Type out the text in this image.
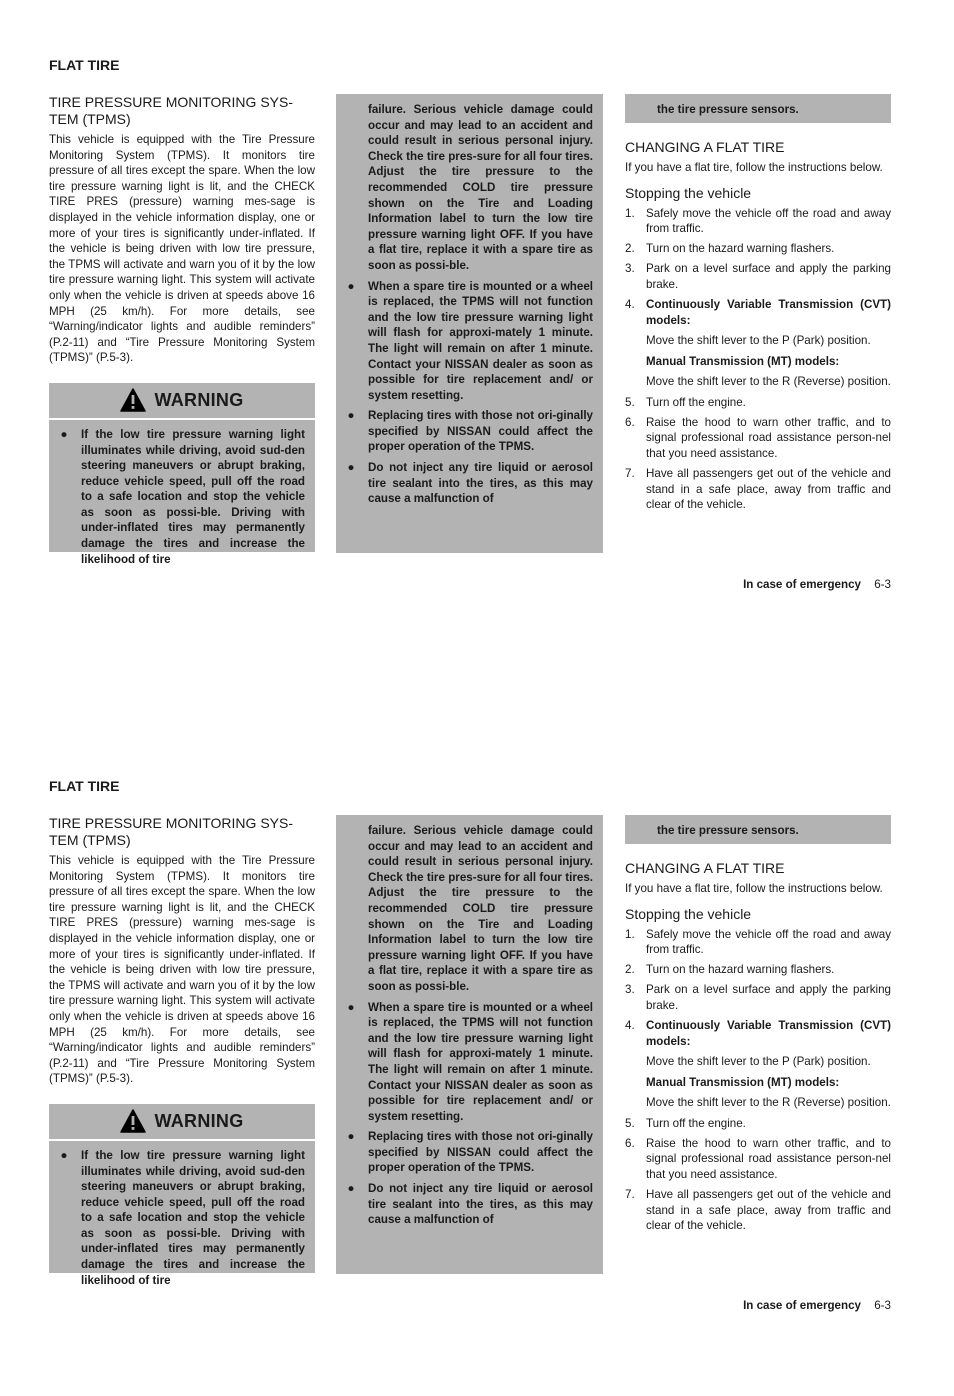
FLAT TIRE
TIRE PRESSURE MONITORING SYS-TEM (TPMS)

This vehicle is equipped with the Tire Pressure Monitoring System (TPMS). It monitors tire pressure of all tires except the spare. When the low tire pressure warning light is lit, and the CHECK TIRE PRES (pressure) warning mes-sage is displayed in the vehicle information display, one or more of your tires is significantly under-inflated. If the vehicle is being driven with low tire pressure, the TPMS will activate and warn you of it by the low tire pressure warning light. This system will activate only when the vehicle is driven at speeds above 16 MPH (25 km/h). For more details, see “Warning/indicator lights and audible reminders” (P.2-11) and “Tire Pressure Monitoring System (TPMS)” (P.5-3).

WARNING
● If the low tire pressure warning light illuminates while driving, avoid sud-den steering maneuvers or abrupt braking, reduce vehicle speed, pull off the road to a safe location and stop the vehicle as soon as possi-ble. Driving with under-inflated tires may permanently damage the tires and increase the likelihood of tire

failure. Serious vehicle damage could occur and may lead to an accident and could result in serious personal injury. Check the tire pres-sure for all four tires. Adjust the tire pressure to the recommended COLD tire pressure shown on the Tire and Loading Information label to turn the low tire pressure warning light OFF. If you have a flat tire, replace it with a spare tire as soon as possi-ble.

● When a spare tire is mounted or a wheel is replaced, the TPMS will not function and the low tire pressure warning light will flash for approxi-mately 1 minute. The light will remain on after 1 minute. Contact your NISSAN dealer as soon as possible for tire replacement and/ or system resetting.
● Replacing tires with those not ori-ginally specified by NISSAN could affect the proper operation of the TPMS.
● Do not inject any tire liquid or aerosol tire sealant into the tires, as this may cause a malfunction of

the tire pressure sensors.

CHANGING A FLAT TIRE

If you have a flat tire, follow the instructions below.

Stopping the vehicle
1. Safely move the vehicle off the road and away from traffic.
2. Turn on the hazard warning flashers.
3. Park on a level surface and apply the parking brake.
4. Continuously Variable Transmission (CVT) models:

Move the shift lever to the P (Park) position.

Manual Transmission (MT) models:

Move the shift lever to the R (Reverse) position.

5. Turn off the engine.
6. Raise the hood to warn other traffic, and to signal professional road assistance person-nel that you need assistance.
7. Have all passengers get out of the vehicle and stand in a safe place, away from traffic and clear of the vehicle.
In case of emergency 6-3
FLAT TIRE
TIRE PRESSURE MONITORING SYS-TEM (TPMS)

This vehicle is equipped with the Tire Pressure Monitoring System (TPMS). It monitors tire pressure of all tires except the spare. When the low tire pressure warning light is lit, and the CHECK TIRE PRES (pressure) warning mes-sage is displayed in the vehicle information display, one or more of your tires is significantly under-inflated. If the vehicle is being driven with low tire pressure, the TPMS will activate and warn you of it by the low tire pressure warning light. This system will activate only when the vehicle is driven at speeds above 16 MPH (25 km/h). For more details, see “Warning/indicator lights and audible reminders” (P.2-11) and “Tire Pressure Monitoring System (TPMS)” (P.5-3).

WARNING
● If the low tire pressure warning light illuminates while driving, avoid sud-den steering maneuvers or abrupt braking, reduce vehicle speed, pull off the road to a safe location and stop the vehicle as soon as possi-ble. Driving with under-inflated tires may permanently damage the tires and increase the likelihood of tire

failure. Serious vehicle damage could occur and may lead to an accident and could result in serious personal injury. Check the tire pres-sure for all four tires. Adjust the tire pressure to the recommended COLD tire pressure shown on the Tire and Loading Information label to turn the low tire pressure warning light OFF. If you have a flat tire, replace it with a spare tire as soon as possi-ble.

● When a spare tire is mounted or a wheel is replaced, the TPMS will not function and the low tire pressure warning light will flash for approxi-mately 1 minute. The light will remain on after 1 minute. Contact your NISSAN dealer as soon as possible for tire replacement and/ or system resetting.
● Replacing tires with those not ori-ginally specified by NISSAN could affect the proper operation of the TPMS.
● Do not inject any tire liquid or aerosol tire sealant into the tires, as this may cause a malfunction of

the tire pressure sensors.

CHANGING A FLAT TIRE

If you have a flat tire, follow the instructions below.

Stopping the vehicle
1. Safely move the vehicle off the road and away from traffic.
2. Turn on the hazard warning flashers.
3. Park on a level surface and apply the parking brake.
4. Continuously Variable Transmission (CVT) models:

Move the shift lever to the P (Park) position.

Manual Transmission (MT) models:

Move the shift lever to the R (Reverse) position.

5. Turn off the engine.
6. Raise the hood to warn other traffic, and to signal professional road assistance person-nel that you need assistance.
7. Have all passengers get out of the vehicle and stand in a safe place, away from traffic and clear of the vehicle.
In case of emergency 6-3
